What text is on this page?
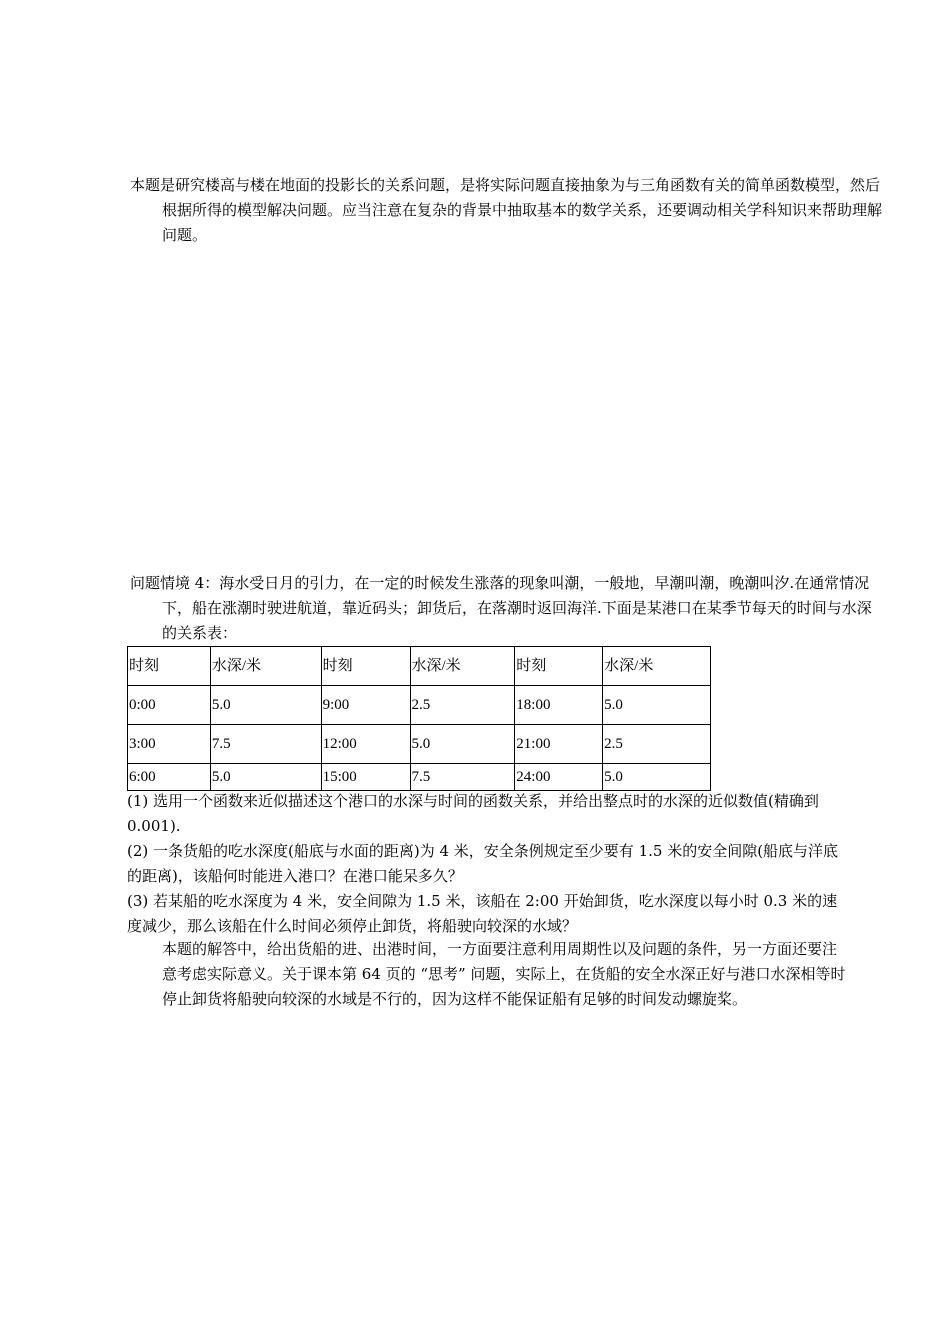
本题是研究楼高与楼在地面的投影长的关系问题，是将实际问题直接抽象为与三角函数有关的简单函数模型，然后根据所得的模型解决问题。应当注意在复杂的背景中抽取基本的数学关系，还要调动相关学科知识来帮助理解问题。

问题情境 4：海水受日月的引力，在一定的时候发生涨落的现象叫潮，一般地，早潮叫潮，晚潮叫汐.在通常情况下，船在涨潮时驶进航道，靠近码头；卸货后，在落潮时返回海洋.下面是某港口在某季节每天的时间与水深的关系表：

时刻	水深/米	时刻	水深/米	时刻	水深/米
0:00	5.0	9:00	2.5	18:00	5.0
3:00	7.5	12:00	5.0	21:00	2.5
6:00	5.0	15:00	7.5	24:00	5.0

(1) 选用一个函数来近似描述这个港口的水深与时间的函数关系，并给出整点时的水深的近似数值(精确到 0.001).

(2) 一条货船的吃水深度(船底与水面的距离)为 4 米，安全条例规定至少要有 1.5 米的安全间隙(船底与洋底的距离)，该船何时能进入港口？在港口能呆多久？

(3) 若某船的吃水深度为 4 米，安全间隙为 1.5 米，该船在 2:00 开始卸货，吃水深度以每小时 0.3 米的速度减少，那么该船在什么时间必须停止卸货，将船驶向较深的水域？

本题的解答中，给出货船的进、出港时间，一方面要注意利用周期性以及问题的条件，另一方面还要注意考虑实际意义。关于课本第 64 页的 “思考” 问题，实际上，在货船的安全水深正好与港口水深相等时停止卸货将船驶向较深的水域是不行的，因为这样不能保证船有足够的时间发动螺旋桨。
